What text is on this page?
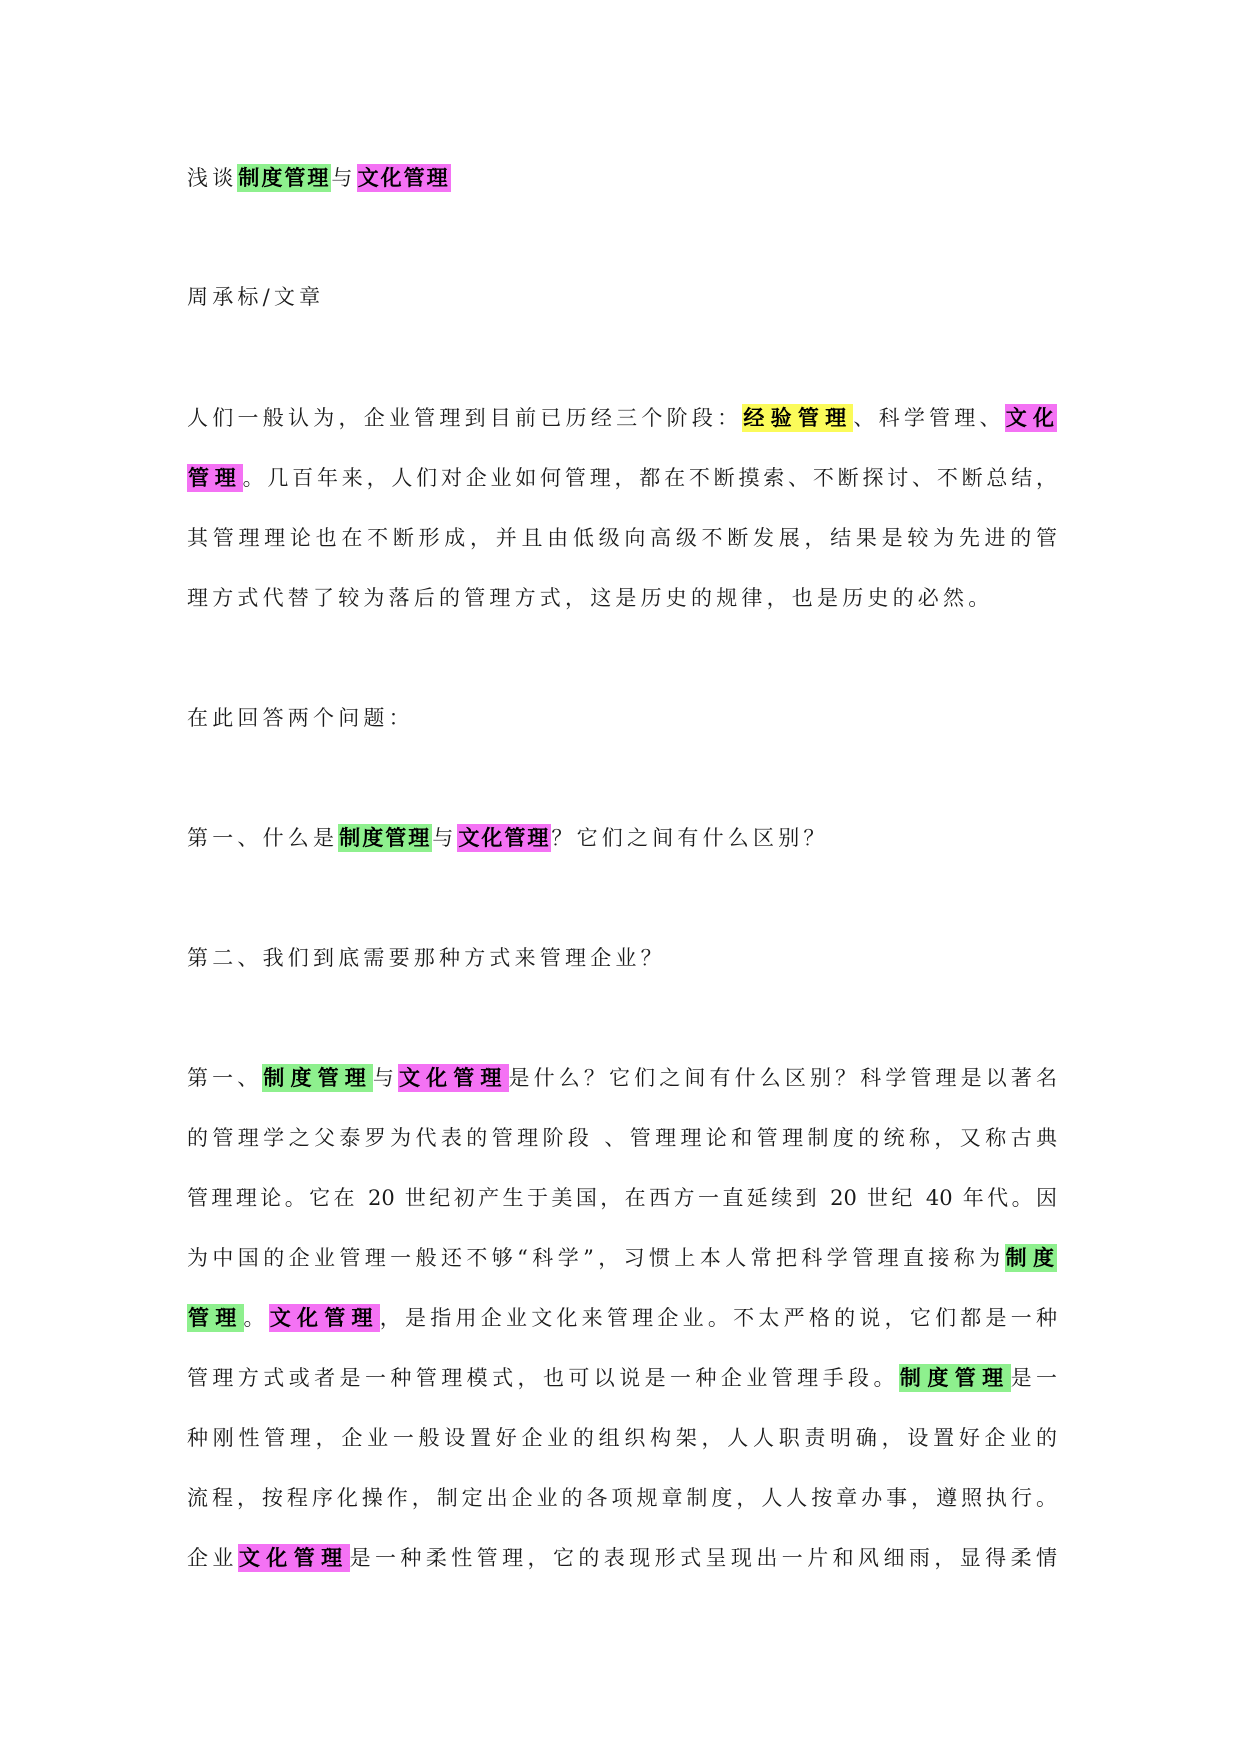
浅谈制度管理与文化管理
周承标/文章
人们一般认为，企业管理到目前已历经三个阶段：经验管理、科学管理、文化
管理。几百年来，人们对企业如何管理，都在不断摸索、不断探讨、不断总结，
其管理理论也在不断形成，并且由低级向高级不断发展，结果是较为先进的管
理方式代替了较为落后的管理方式，这是历史的规律，也是历史的必然。
在此回答两个问题：
第一、什么是制度管理与文化管理？它们之间有什么区别？
第二、我们到底需要那种方式来管理企业？
第一、制度管理与文化管理是什么？它们之间有什么区别？科学管理是以著名
的管理学之父泰罗为代表的管理阶段 、管理理论和管理制度的统称，又称古典
管理理论。它在 20 世纪初产生于美国，在西方一直延续到 20 世纪 40 年代。因
为中国的企业管理一般还不够“科学”，习惯上本人常把科学管理直接称为制度
管理。文化管理，是指用企业文化来管理企业。不太严格的说，它们都是一种
管理方式或者是一种管理模式，也可以说是一种企业管理手段。制度管理是一
种刚性管理，企业一般设置好企业的组织构架，人人职责明确，设置好企业的
流程，按程序化操作，制定出企业的各项规章制度，人人按章办事，遵照执行。
企业文化管理是一种柔性管理，它的表现形式呈现出一片和风细雨，显得柔情
